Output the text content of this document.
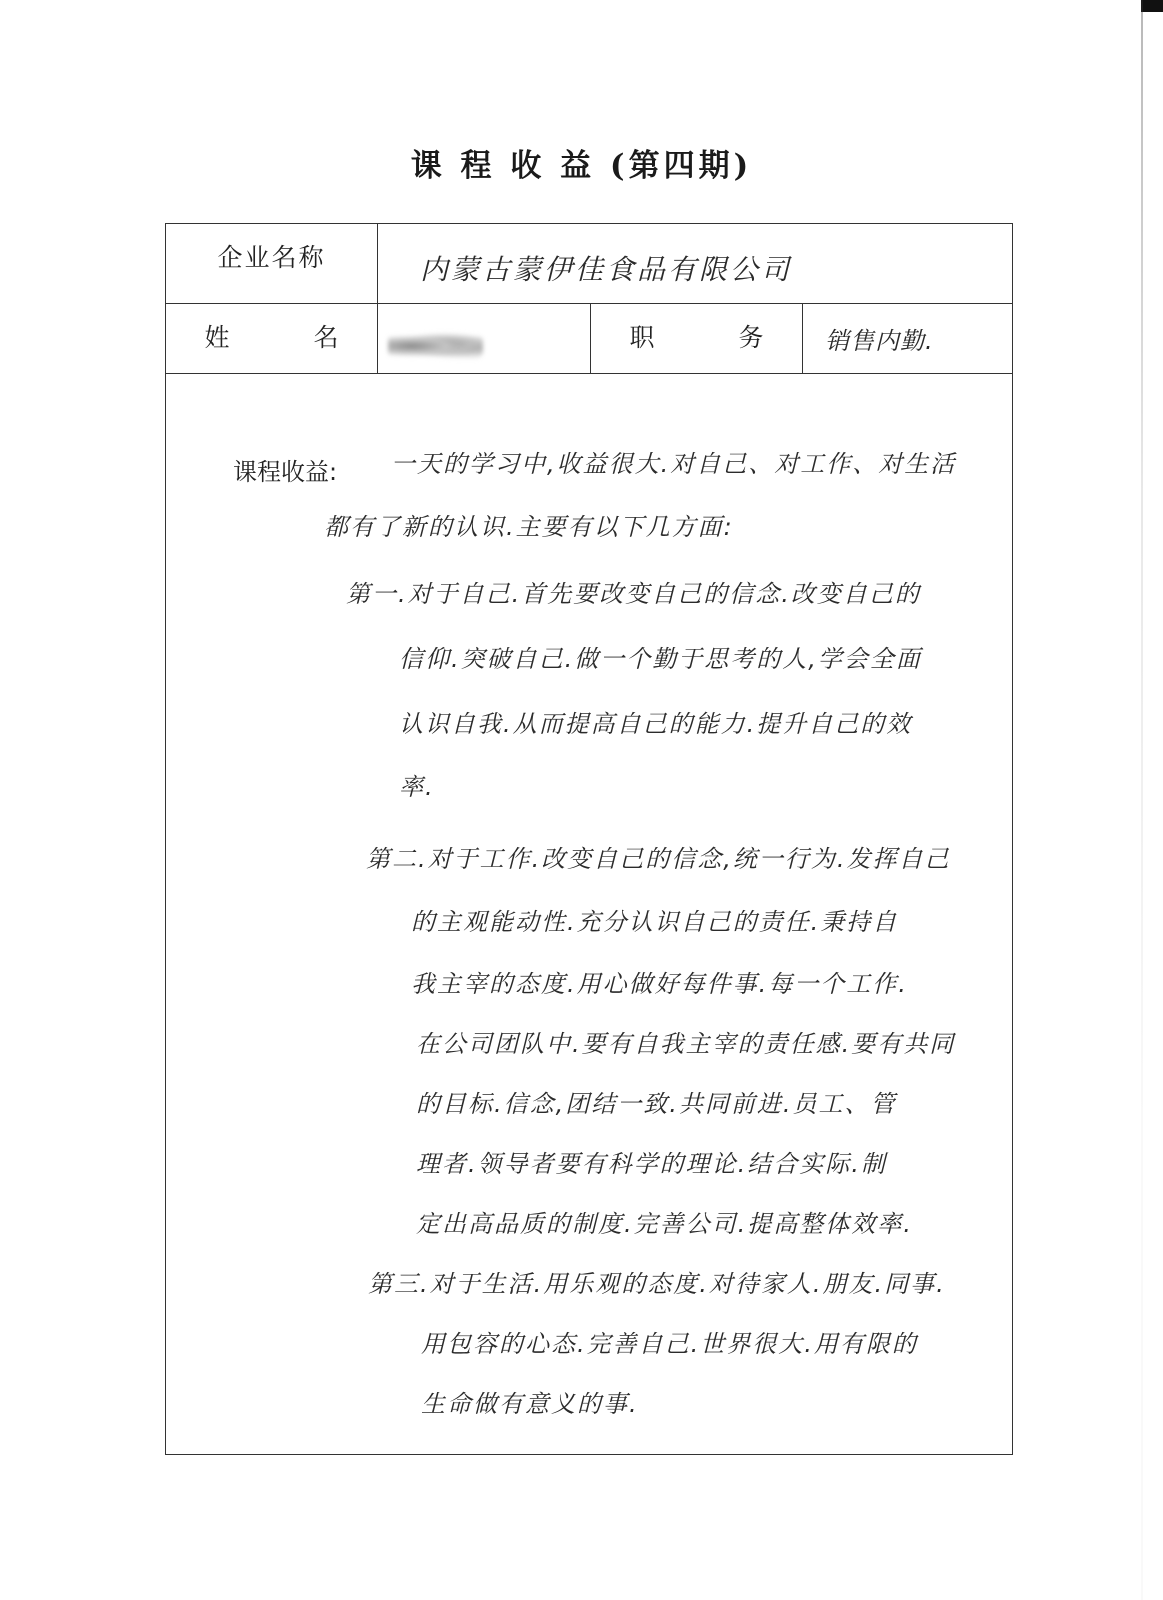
课 程 收 益 (第四期)
企业名称	内蒙古蒙伊佳食品有限公司
姓 名	职 务 销售内勤.
课程收益: 一天的学习中,收益很大.对自己、对工作、对生活
都有了新的认识.主要有以下几方面:
第一.对于自己.首先要改变自己的信念.改变自己的
信仰.突破自己.做一个勤于思考的人,学会全面
认识自我.从而提高自己的能力.提升自己的效
率.
第二.对于工作.改变自己的信念,统一行为.发挥自己
的主观能动性.充分认识自己的责任.秉持自
我主宰的态度.用心做好每件事.每一个工作.
在公司团队中.要有自我主宰的责任感.要有共同
的目标.信念,团结一致.共同前进.员工、管
理者.领导者要有科学的理论.结合实际.制
定出高品质的制度.完善公司.提高整体效率.
第三.对于生活.用乐观的态度.对待家人.朋友.同事.
用包容的心态.完善自己.世界很大.用有限的
生命做有意义的事.
